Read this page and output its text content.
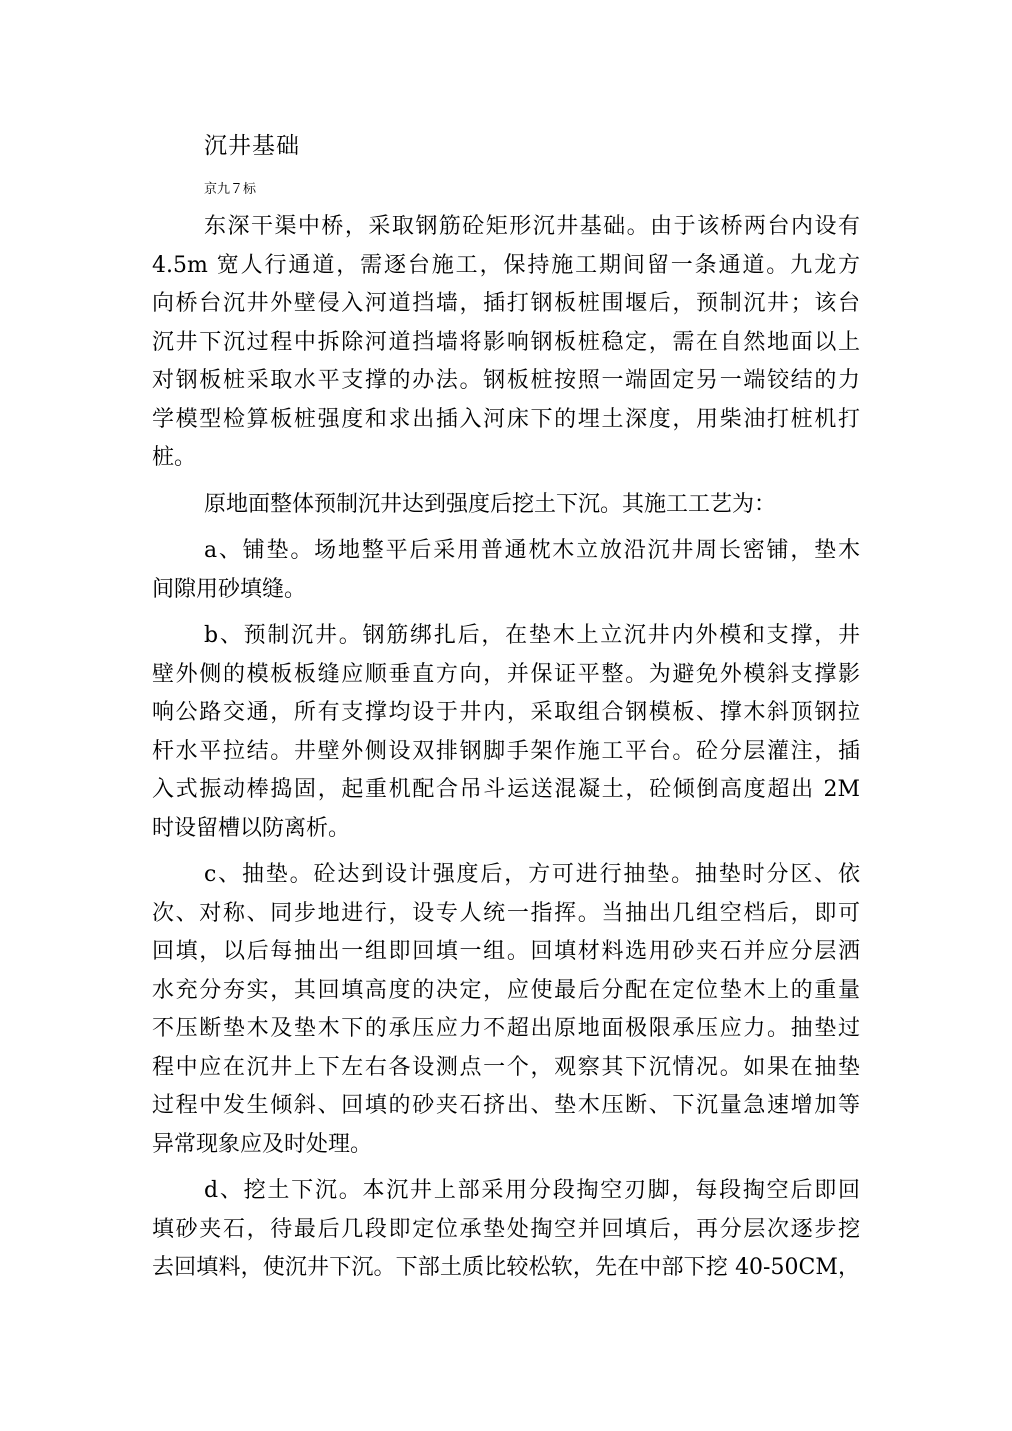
沉井基础
京九７标
东深干渠中桥，采取钢筋砼矩形沉井基础。由于该桥两台内设有
4.5m 宽人行通道，需逐台施工，保持施工期间留一条通道。九龙方
向桥台沉井外壁侵入河道挡墙，插打钢板桩围堰后，预制沉井；该台
沉井下沉过程中拆除河道挡墙将影响钢板桩稳定，需在自然地面以上
对钢板桩采取水平支撑的办法。钢板桩按照一端固定另一端铰结的力
学模型检算板桩强度和求出插入河床下的埋土深度，用柴油打桩机打
桩。
原地面整体预制沉井达到强度后挖土下沉。其施工工艺为：
a、铺垫。场地整平后采用普通枕木立放沿沉井周长密铺，垫木
间隙用砂填缝。
b、预制沉井。钢筋绑扎后，在垫木上立沉井内外模和支撑，井
壁外侧的模板板缝应顺垂直方向，并保证平整。为避免外模斜支撑影
响公路交通，所有支撑均设于井内，采取组合钢模板、撑木斜顶钢拉
杆水平拉结。井壁外侧设双排钢脚手架作施工平台。砼分层灌注，插
入式振动棒捣固，起重机配合吊斗运送混凝土，砼倾倒高度超出 2M
时设留槽以防离析。
c、抽垫。砼达到设计强度后，方可进行抽垫。抽垫时分区、依
次、对称、同步地进行，设专人统一指挥。当抽出几组空档后，即可
回填，以后每抽出一组即回填一组。回填材料选用砂夹石并应分层洒
水充分夯实，其回填高度的决定，应使最后分配在定位垫木上的重量
不压断垫木及垫木下的承压应力不超出原地面极限承压应力。抽垫过
程中应在沉井上下左右各设测点一个，观察其下沉情况。如果在抽垫
过程中发生倾斜、回填的砂夹石挤出、垫木压断、下沉量急速增加等
异常现象应及时处理。
d、挖土下沉。本沉井上部采用分段掏空刃脚，每段掏空后即回
填砂夹石，待最后几段即定位承垫处掏空并回填后，再分层次逐步挖
去回填料，使沉井下沉。下部土质比较松软，先在中部下挖 40-50CM，
